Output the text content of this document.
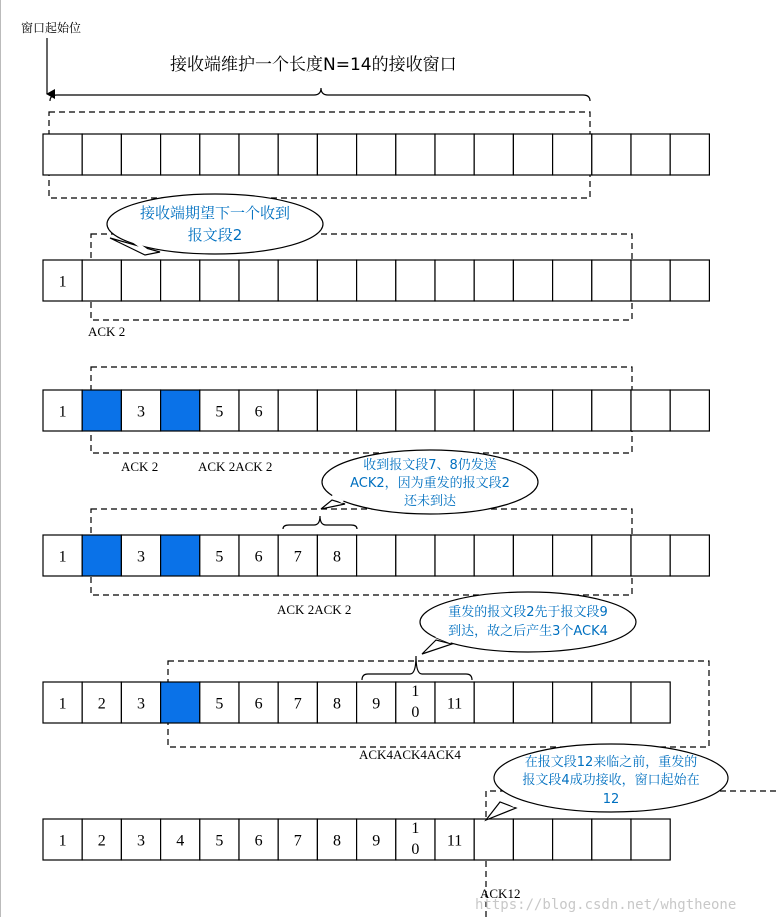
窗口起始位
接收端维护一个长度N=14的接收窗口
1
1	3	5 6
1	3	5 6 7 8
1 2 3	5 6 7 8 9
1
0 11
1 2 3 4 5 6 7 8 9
1
0 11
接收端期望下一个收到
报文段2
收到报文段7、8仍发送
ACK2，因为重发的报文段2
还未到达
重发的报文段2先于报文段9
到达，故之后产生3个ACK4
在报文段12来临之前，重发的
报文段4成功接收，窗口起始在
12
ACK 2
ACK 2	ACK 2ACK 2
ACK 2ACK 2
ACK4ACK4ACK4
ACK12
https://blog.csdn.net/whgtheone
